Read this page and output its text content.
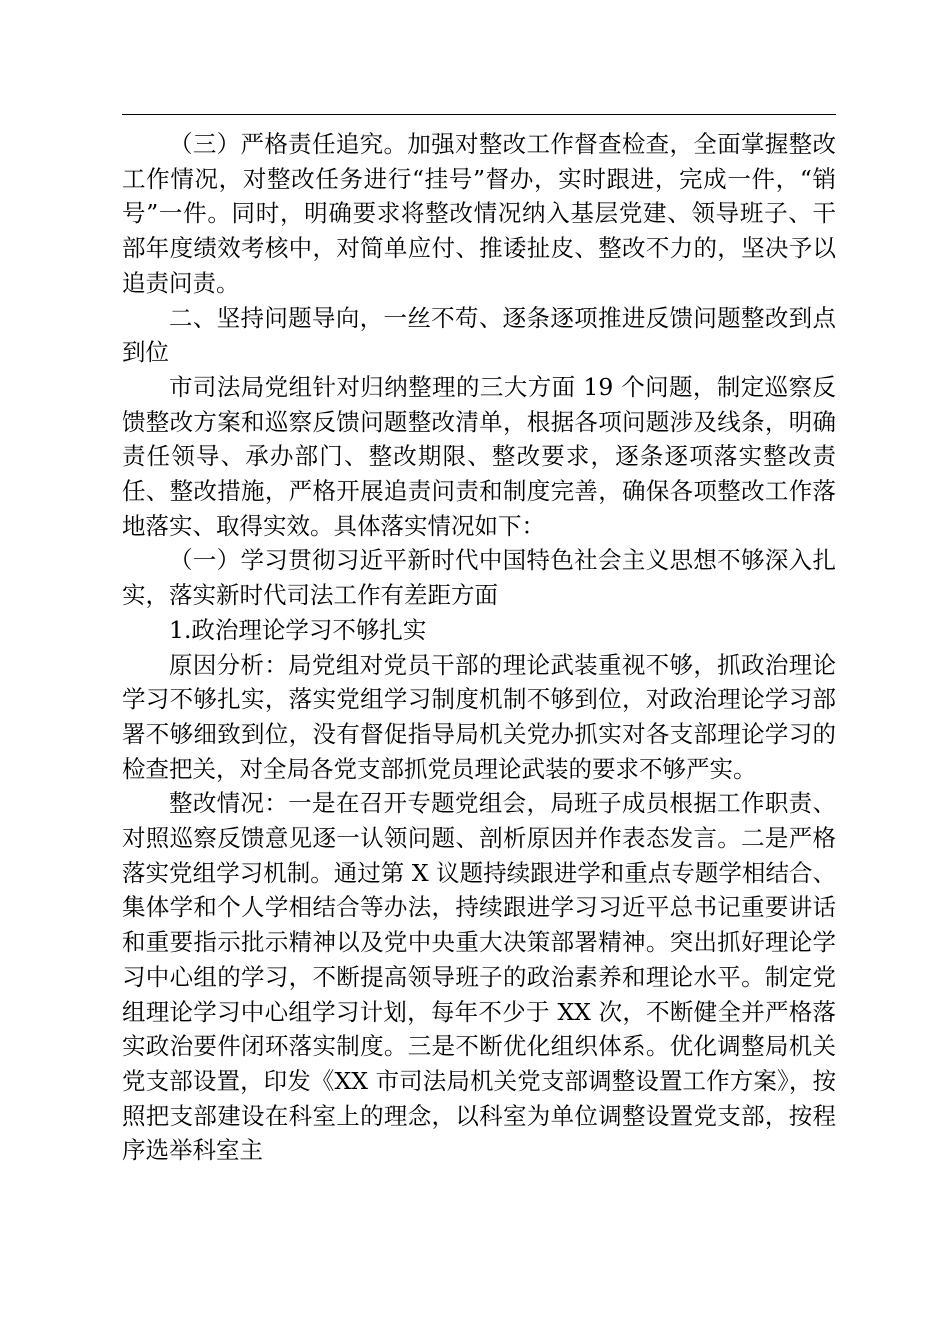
（三）严格责任追究。加强对整改工作督查检查，全面掌握整改工作情况，对整改任务进行“挂号”督办，实时跟进，完成一件，“销号”一件。同时，明确要求将整改情况纳入基层党建、领导班子、干部年度绩效考核中，对简单应付、推诿扯皮、整改不力的，坚决予以追责问责。

二、坚持问题导向，一丝不苟、逐条逐项推进反馈问题整改到点到位

市司法局党组针对归纳整理的三大方面 19 个问题，制定巡察反馈整改方案和巡察反馈问题整改清单，根据各项问题涉及线条，明确责任领导、承办部门、整改期限、整改要求，逐条逐项落实整改责任、整改措施，严格开展追责问责和制度完善，确保各项整改工作落地落实、取得实效。具体落实情况如下：

（一）学习贯彻习近平新时代中国特色社会主义思想不够深入扎实，落实新时代司法工作有差距方面

1.政治理论学习不够扎实

原因分析：局党组对党员干部的理论武装重视不够，抓政治理论学习不够扎实，落实党组学习制度机制不够到位，对政治理论学习部署不够细致到位，没有督促指导局机关党办抓实对各支部理论学习的检查把关，对全局各党支部抓党员理论武装的要求不够严实。

整改情况：一是在召开专题党组会，局班子成员根据工作职责、对照巡察反馈意见逐一认领问题、剖析原因并作表态发言。二是严格落实党组学习机制。通过第 X 议题持续跟进学和重点专题学相结合、集体学和个人学相结合等办法，持续跟进学习习近平总书记重要讲话和重要指示批示精神以及党中央重大决策部署精神。突出抓好理论学习中心组的学习，不断提高领导班子的政治素养和理论水平。制定党组理论学习中心组学习计划，每年不少于 XX 次，不断健全并严格落实政治要件闭环落实制度。三是不断优化组织体系。优化调整局机关党支部设置，印发《XX 市司法局机关党支部调整设置工作方案》，按照把支部建设在科室上的理念，以科室为单位调整设置党支部，按程序选举科室主
